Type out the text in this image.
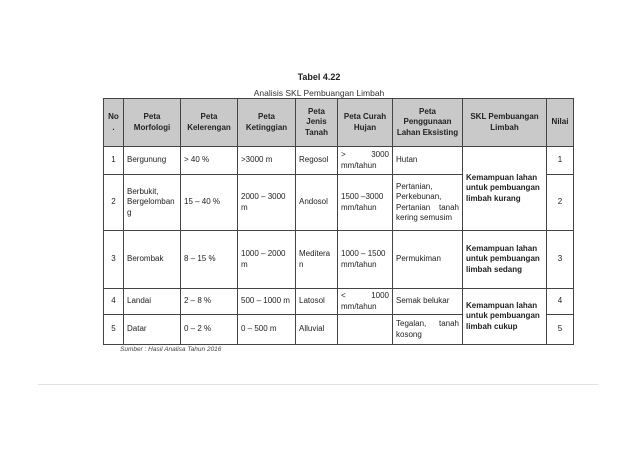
Tabel 4.22
Analisis SKL Pembuangan Limbah
No .	Peta Morfologi	Peta Kelerengan	Peta Ketinggian	Peta Jenis Tanah	Peta Curah Hujan	Peta Penggunaan Lahan Eksisting	SKL Pembuangan Limbah	Nilai
1	Bergunung	> 40 %	>3000 m	Regosol	> 3000 mm/tahun	Hutan	Kemampuan lahan untuk pembuangan limbah kurang	1
2	Berbukit, Bergelomban g	15 – 40 %	2000 – 3000 m	Andosol	1500 –3000 mm/tahun	Pertanian, Perkebunan, Pertanian tanah kering semusim		2
3	Berombak	8 – 15 %	1000 – 2000 m	Meditera n	1000 – 1500 mm/tahun	Permukiman	Kemampuan lahan untuk pembuangan limbah sedang	3
4	Landai	2 – 8 %	500 – 1000 m	Latosol	< 1000 mm/tahun	Semak belukar	Kemampuan lahan untuk pembuangan limbah cukup	4
5	Datar	0 – 2 %	0 – 500 m	Alluvial		Tegalan, tanah kosong		5
Sumber : Hasil Analisa Tahun 2016
